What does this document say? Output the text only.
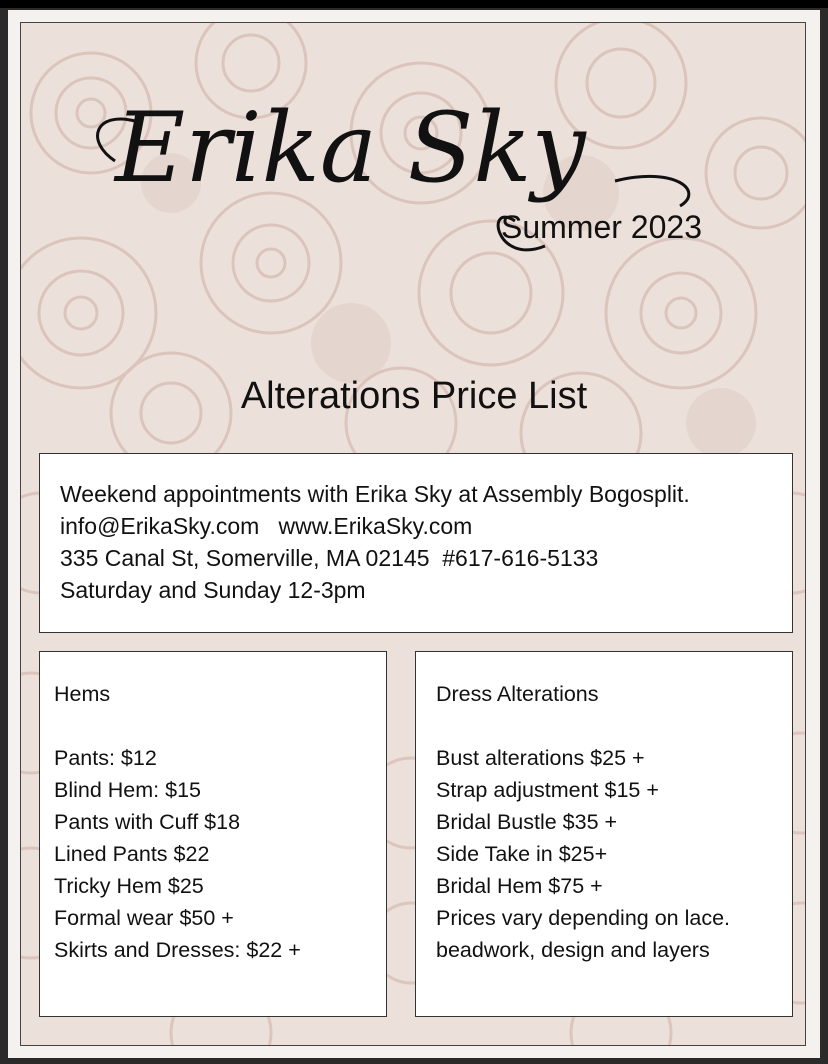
Erika Sky
Summer 2023
Alterations Price List
Weekend appointments with Erika Sky at Assembly Bogosplit.
info@ErikaSky.com www.ErikaSky.com
335 Canal St, Somerville, MA 02145 #617-616-5133
Saturday and Sunday 12-3pm
Hems
Pants: $12
Blind Hem: $15
Pants with Cuff $18
Lined Pants $22
Tricky Hem $25
Formal wear $50 +
Skirts and Dresses: $22 +
Dress Alterations
Bust alterations $25 +
Strap adjustment $15 +
Bridal Bustle $35 +
Side Take in $25+
Bridal Hem $75 +
Prices vary depending on lace.
beadwork, design and layers
